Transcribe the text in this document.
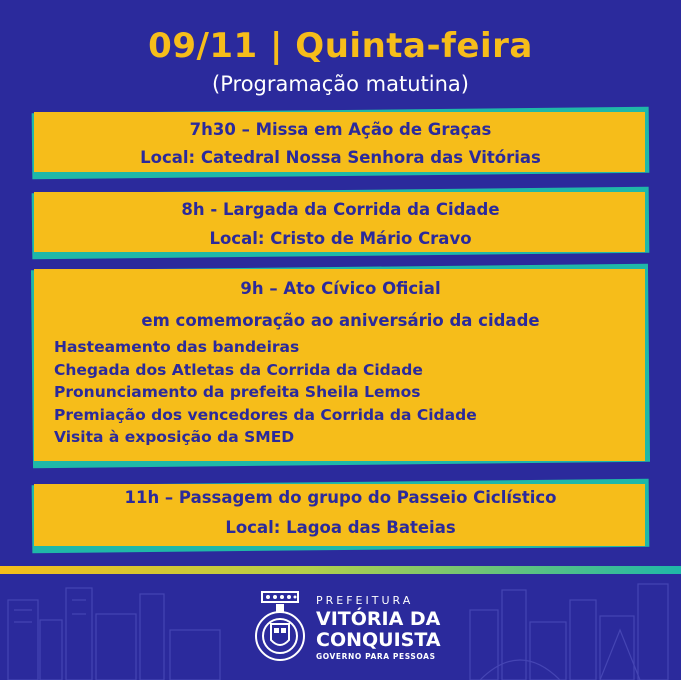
09/11 | Quinta-feira
(Programação matutina)
7h30 – Missa em Ação de Graças
Local: Catedral Nossa Senhora das Vitórias
8h - Largada da Corrida da Cidade
Local: Cristo de Mário Cravo
9h – Ato Cívico Oficial
em comemoração ao aniversário da cidade
Hasteamento das bandeiras
Chegada dos Atletas da Corrida da Cidade
Pronunciamento da prefeita Sheila Lemos
Premiação dos vencedores da Corrida da Cidade
Visita à exposição da SMED
11h – Passagem do grupo do Passeio Ciclístico
Local: Lagoa das Bateias
PREFEITURA
VITÓRIA DA
CONQUISTA
GOVERNO PARA PESSOAS
